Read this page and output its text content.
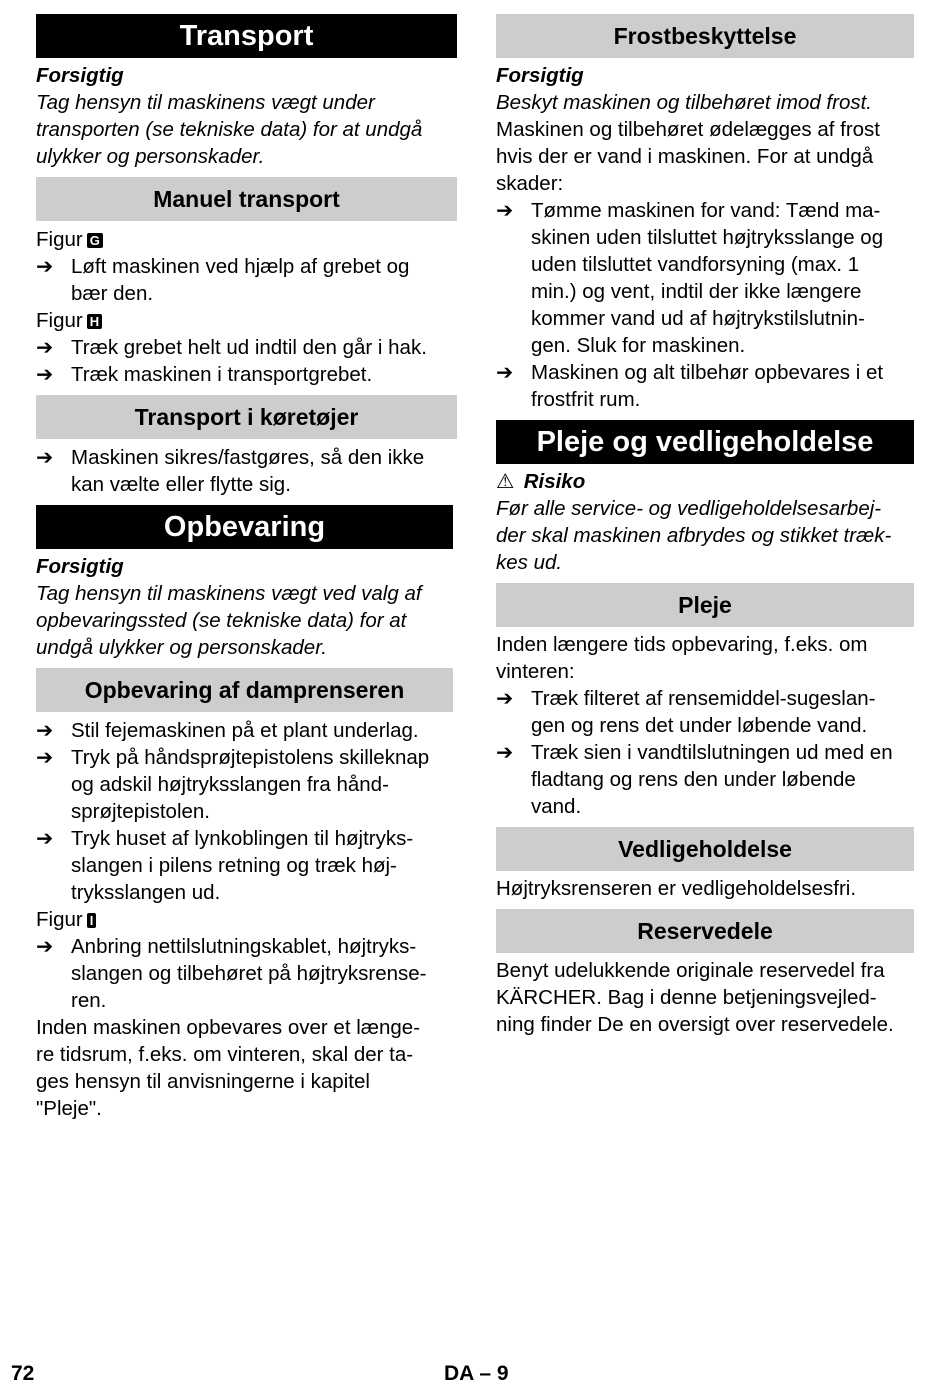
Transport
Forsigtig

Tag hensyn til maskinens vægt under
transporten (se tekniske data) for at undgå
ulykker og personskader.

Manuel transport

Figur G

➔ Løft maskinen ved hjælp af grebet og
bær den.

Figur H

➔ Træk grebet helt ud indtil den går i hak.
➔ Træk maskinen i transportgrebet.
Transport i køretøjer
➔ Maskinen sikres/fastgøres, så den ikke
kan vælte eller flytte sig.
Opbevaring
Forsigtig

Tag hensyn til maskinens vægt ved valg af
opbevaringssted (se tekniske data) for at
undgå ulykker og personskader.

Opbevaring af damprenseren
➔ Stil fejemaskinen på et plant underlag.
➔ Tryk på håndsprøjtepistolens skilleknap
og adskil højtryksslangen fra hånd-
sprøjtepistolen.
➔ Tryk huset af lynkoblingen til højtryks-
slangen i pilens retning og træk høj-
tryksslangen ud.

Figur I

➔ Anbring nettilslutningskablet, højtryks-
slangen og tilbehøret på højtryksrense-
ren.

Inden maskinen opbevares over et længe-
re tidsrum, f.eks. om vinteren, skal der ta-
ges hensyn til anvisningerne i kapitel
"Pleje".

Frostbeskyttelse
Forsigtig

Beskyt maskinen og tilbehøret imod frost.

Maskinen og tilbehøret ødelægges af frost
hvis der er vand i maskinen. For at undgå
skader:

➔ Tømme maskinen for vand: Tænd ma-
skinen uden tilsluttet højtryksslange og
uden tilsluttet vandforsyning (max. 1
min.) og vent, indtil der ikke længere
kommer vand ud af højtrykstilslutnin-
gen. Sluk for maskinen.
➔ Maskinen og alt tilbehør opbevares i et
frostfrit rum.
Pleje og vedligeholdelse
⚠ Risiko

Før alle service- og vedligeholdelsesarbej-
der skal maskinen afbrydes og stikket træk-
kes ud.

Pleje

Inden længere tids opbevaring, f.eks. om
vinteren:

➔ Træk filteret af rensemiddel-sugeslan-
gen og rens det under løbende vand.
➔ Træk sien i vandtilslutningen ud med en
fladtang og rens den under løbende
vand.
Vedligeholdelse

Højtryksrenseren er vedligeholdelsesfri.

Reservedele

Benyt udelukkende originale reservedel fra
KÄRCHER. Bag i denne betjeningsvejled-
ning finder De en oversigt over reservedele.

72	DA – 9
